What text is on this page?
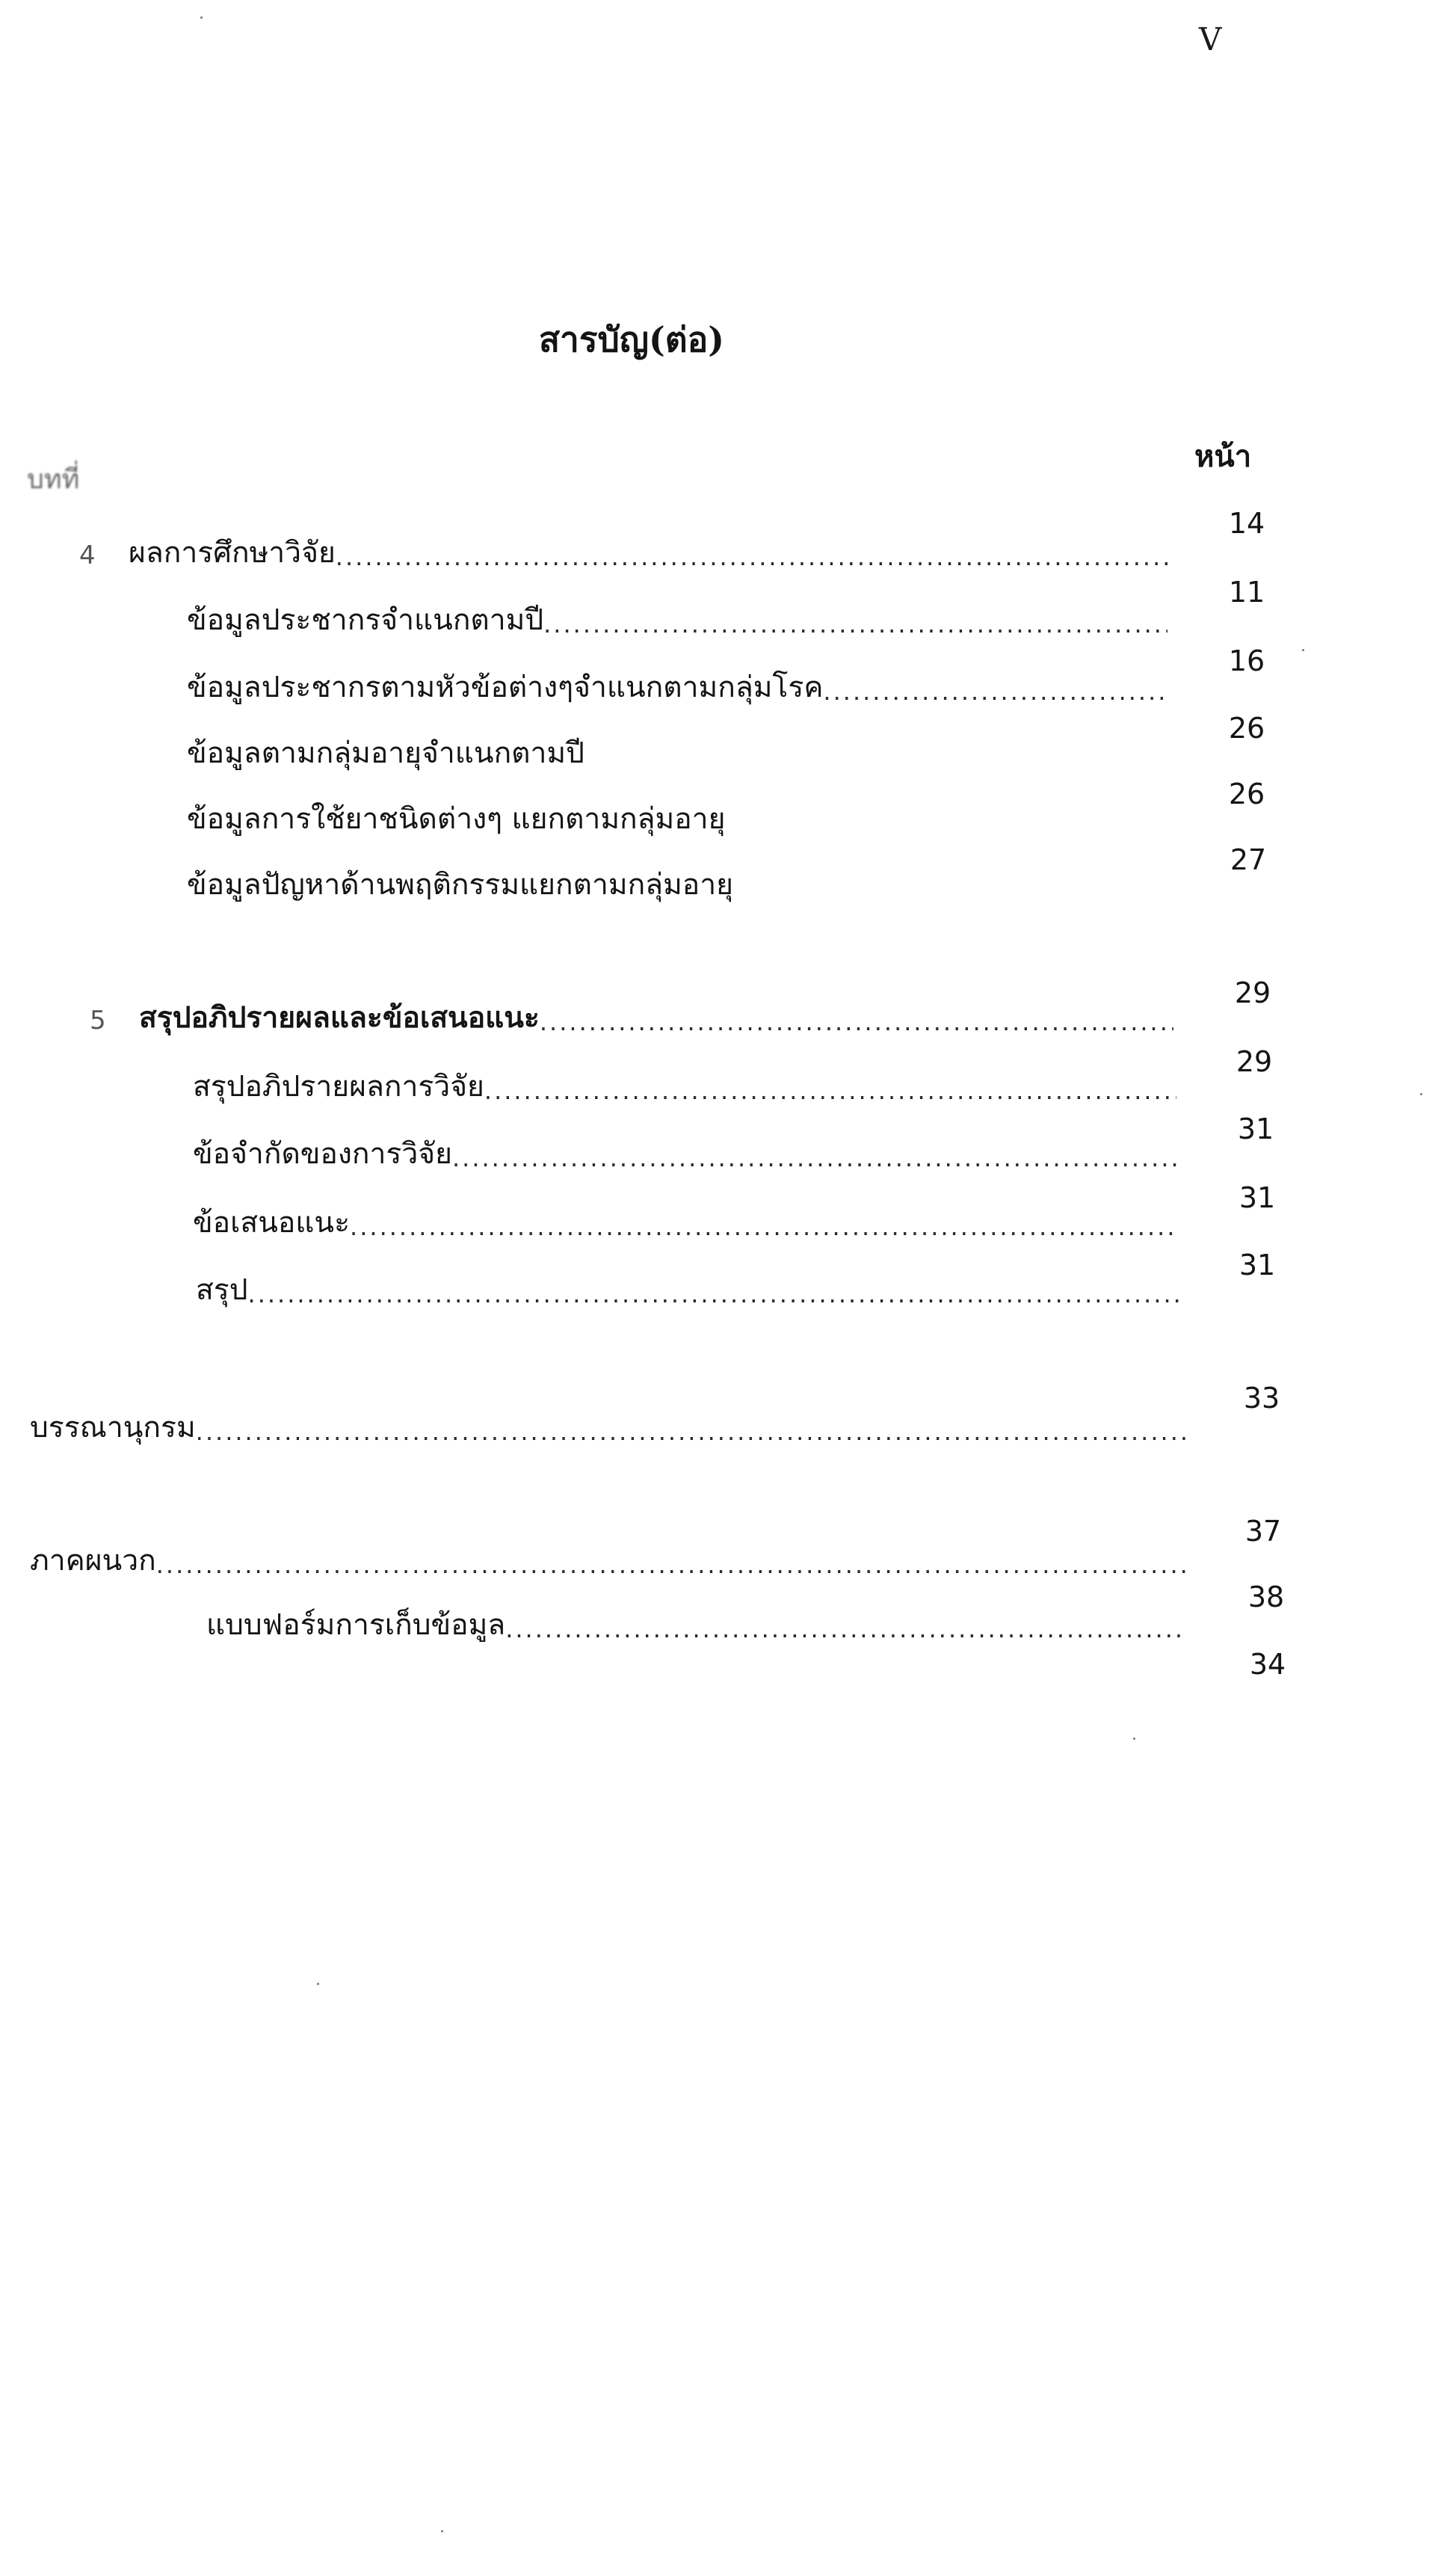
V
สารบัญ(ต่อ)
บทที่
หน้า
4	ผลการศึกษาวิจัย
.....
14
ข้อมูลประชากรจำแนกตามปี
.....
11
ข้อมูลประชากรตามหัวข้อต่างๆจำแนกตามกลุ่มโรค
.....
16
ข้อมูลตามกลุ่มอายุจำแนกตามปี
26
ข้อมูลการใช้ยาชนิดต่างๆ แยกตามกลุ่มอายุ
26
ข้อมูลปัญหาด้านพฤติกรรมแยกตามกลุ่มอายุ
27
5	สรุปอภิปรายผลและข้อเสนอแนะ
.....
29
สรุปอภิปรายผลการวิจัย
.....
29
ข้อจำกัดของการวิจัย
.....
31
ข้อเสนอแนะ
.....
31
สรุป
.....
31
บรรณานุกรม
.....
33
ภาคผนวก
.....
37
แบบฟอร์มการเก็บข้อมูล
.....
38
34
